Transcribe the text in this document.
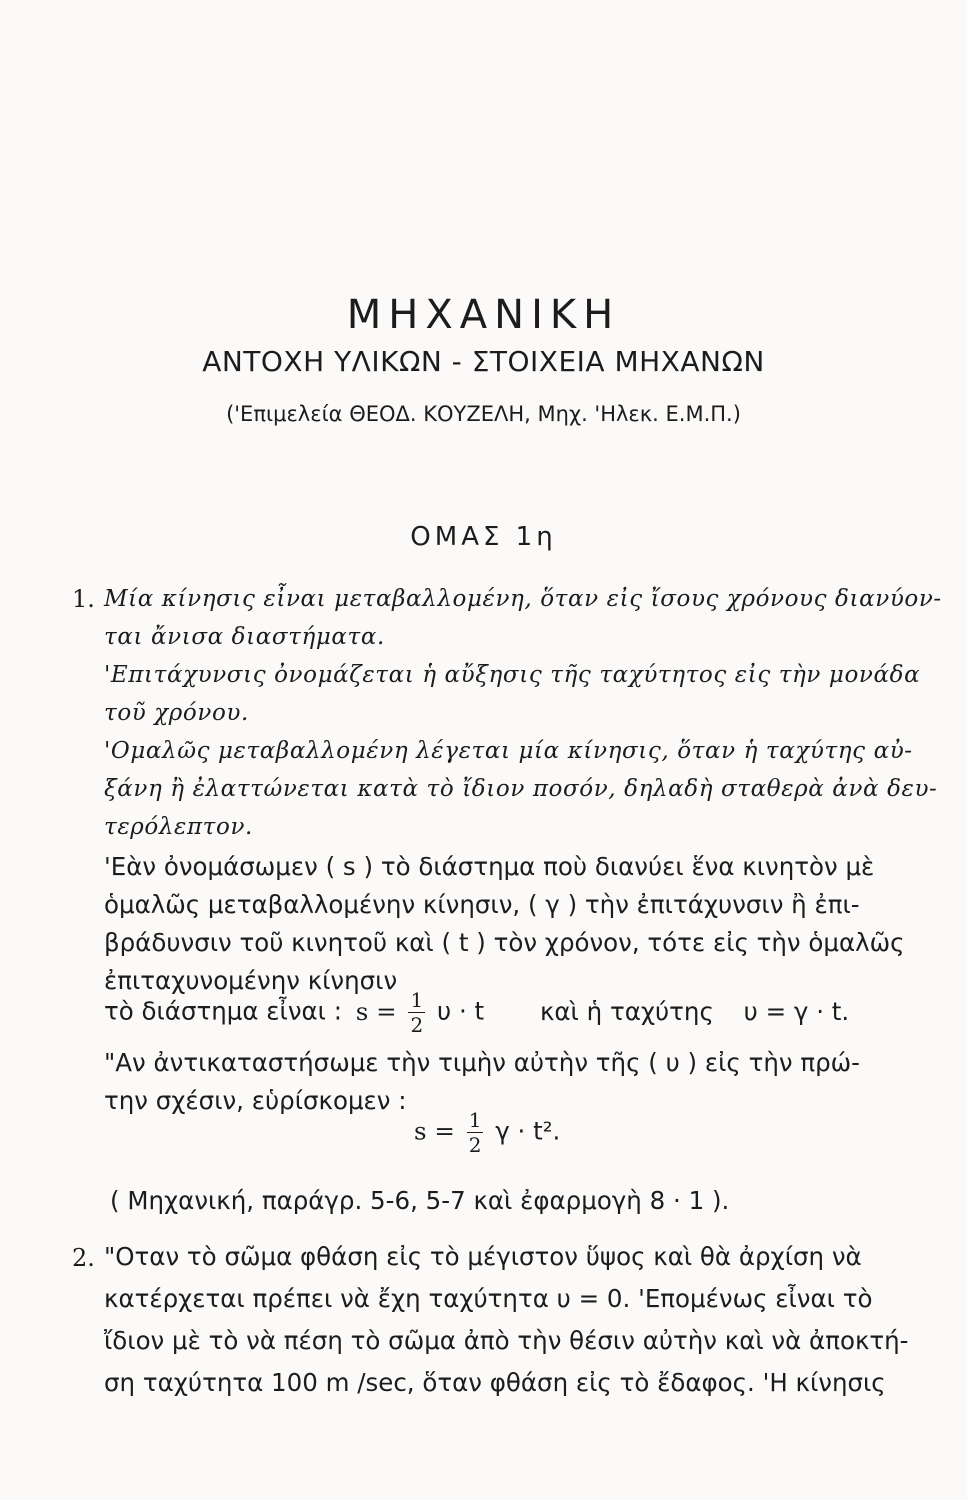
ΜΗΧΑΝΙΚΗ
ΑΝΤΟΧΗ ΥΛΙΚΩΝ - ΣΤΟΙΧΕΙΑ ΜΗΧΑΝΩΝ
('Επιμελεία ΘΕΟΔ. ΚΟΥΖΕΛΗ, Μηχ. 'Ηλεκ. Ε.Μ.Π.)
ΟΜΑΣ 1η
1. Μία κίνησις εἶναι μεταβαλλομένη, ὅταν εἰς ἴσους χρόνους διανύον-
ται ἄνισα διαστήματα.
'Επιτάχυνσις ὀνομάζεται ἡ αὔξησις τῆς ταχύτητος εἰς τὴν μονάδα
τοῦ χρόνου.
'Ομαλῶς μεταβαλλομένη λέγεται μία κίνησις, ὅταν ἡ ταχύτης αὐ-
ξάνη ἢ ἐλαττώνεται κατὰ τὸ ἴδιον ποσόν, δηλαδὴ σταθερὰ ἀνὰ δευ-
τερόλεπτον.
'Εὰν ὀνομάσωμεν ( s ) τὸ διάστημα ποὺ διανύει ἕνα κινητὸν μὲ
ὁμαλῶς μεταβαλλομένην κίνησιν, ( γ ) τὴν ἐπιτάχυνσιν ἢ ἐπι-
βράδυνσιν τοῦ κινητοῦ καὶ ( t ) τὸν χρόνον, τότε εἰς τὴν ὁμαλῶς
ἐπιταχυνομένην κίνησιν
τὸ διάστημα εἶναι : $s = \frac{1}{2}$ υ · t καὶ ἡ ταχύτης υ = γ · t.
"Αν ἀντικαταστήσωμε τὴν τιμὴν αὐτὴν τῆς ( υ ) εἰς τὴν πρώ-
την σχέσιν, εὑρίσκομεν :
$s = \frac{1}{2}$ γ · t².
( Μηχανική, παράγρ. 5-6, 5-7 καὶ ἐφαρμογὴ 8 · 1 ).
2. "Οταν τὸ σῶμα φθάση εἰς τὸ μέγιστον ὕψος καὶ θὰ ἀρχίση νὰ
κατέρχεται πρέπει νὰ ἔχη ταχύτητα υ = 0. 'Επομένως εἶναι τὸ
ἴδιον μὲ τὸ νὰ πέση τὸ σῶμα ἀπὸ τὴν θέσιν αὐτὴν καὶ νὰ ἀποκτή-
ση ταχύτητα 100 m /sec, ὅταν φθάση εἰς τὸ ἔδαφος. 'Η κίνησις
